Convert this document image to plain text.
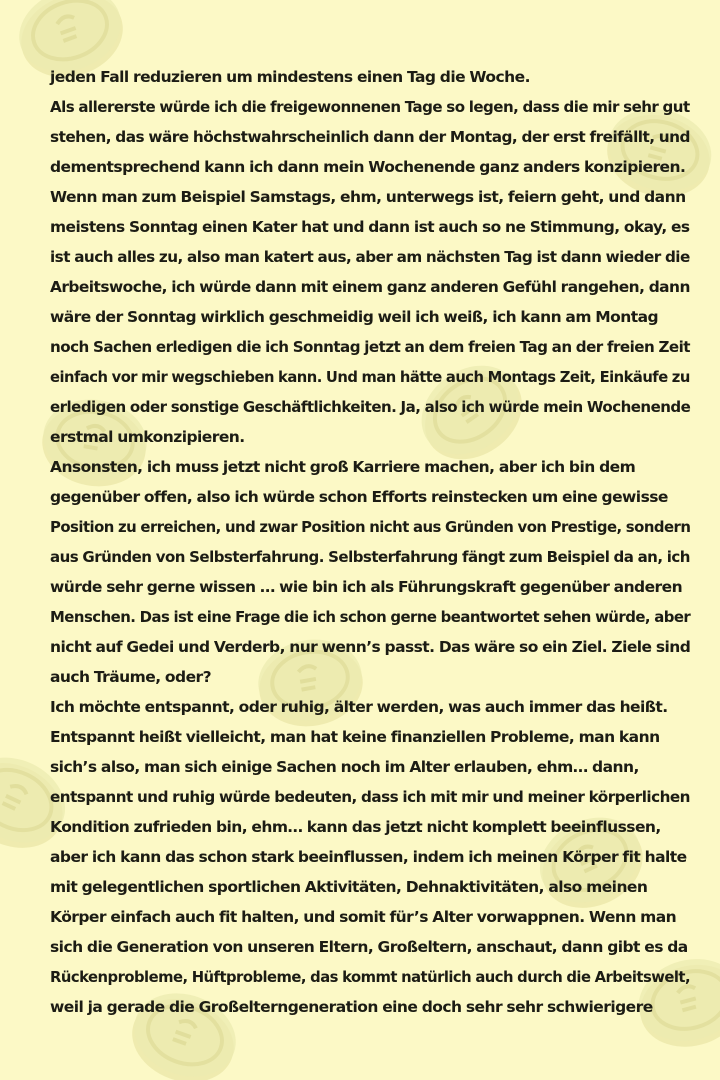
jeden Fall reduzieren um mindestens einen Tag die Woche.
Als allererste würde ich die freigewonnenen Tage so legen, dass die mir sehr gut
stehen, das wäre höchstwahrscheinlich dann der Montag, der erst freifällt, und
dementsprechend kann ich dann mein Wochenende ganz anders konzipieren.
Wenn man zum Beispiel Samstags, ehm, unterwegs ist, feiern geht, und dann
meistens Sonntag einen Kater hat und dann ist auch so ne Stimmung, okay, es
ist auch alles zu, also man katert aus, aber am nächsten Tag ist dann wieder die
Arbeitswoche, ich würde dann mit einem ganz anderen Gefühl rangehen, dann
wäre der Sonntag wirklich geschmeidig weil ich weiß, ich kann am Montag
noch Sachen erledigen die ich Sonntag jetzt an dem freien Tag an der freien Zeit
einfach vor mir wegschieben kann. Und man hätte auch Montags Zeit, Einkäufe zu
erledigen oder sonstige Geschäftlichkeiten. Ja, also ich würde mein Wochenende
erstmal umkonzipieren.
Ansonsten, ich muss jetzt nicht groß Karriere machen, aber ich bin dem
gegenüber offen, also ich würde schon Efforts reinstecken um eine gewisse
Position zu erreichen, und zwar Position nicht aus Gründen von Prestige, sondern
aus Gründen von Selbsterfahrung. Selbsterfahrung fängt zum Beispiel da an, ich
würde sehr gerne wissen … wie bin ich als Führungskraft gegenüber anderen
Menschen. Das ist eine Frage die ich schon gerne beantwortet sehen würde, aber
nicht auf Gedei und Verderb, nur wenn’s passt. Das wäre so ein Ziel. Ziele sind
auch Träume, oder?
Ich möchte entspannt, oder ruhig, älter werden, was auch immer das heißt.
Entspannt heißt vielleicht, man hat keine finanziellen Probleme, man kann
sich’s also, man sich einige Sachen noch im Alter erlauben, ehm… dann,
entspannt und ruhig würde bedeuten, dass ich mit mir und meiner körperlichen
Kondition zufrieden bin, ehm… kann das jetzt nicht komplett beeinflussen,
aber ich kann das schon stark beeinflussen, indem ich meinen Körper fit halte
mit gelegentlichen sportlichen Aktivitäten, Dehnaktivitäten, also meinen
Körper einfach auch fit halten, und somit für’s Alter vorwappnen. Wenn man
sich die Generation von unseren Eltern, Großeltern, anschaut, dann gibt es da
Rückenprobleme, Hüftprobleme, das kommt natürlich auch durch die Arbeitswelt,
weil ja gerade die Großelterngeneration eine doch sehr sehr schwierigere
